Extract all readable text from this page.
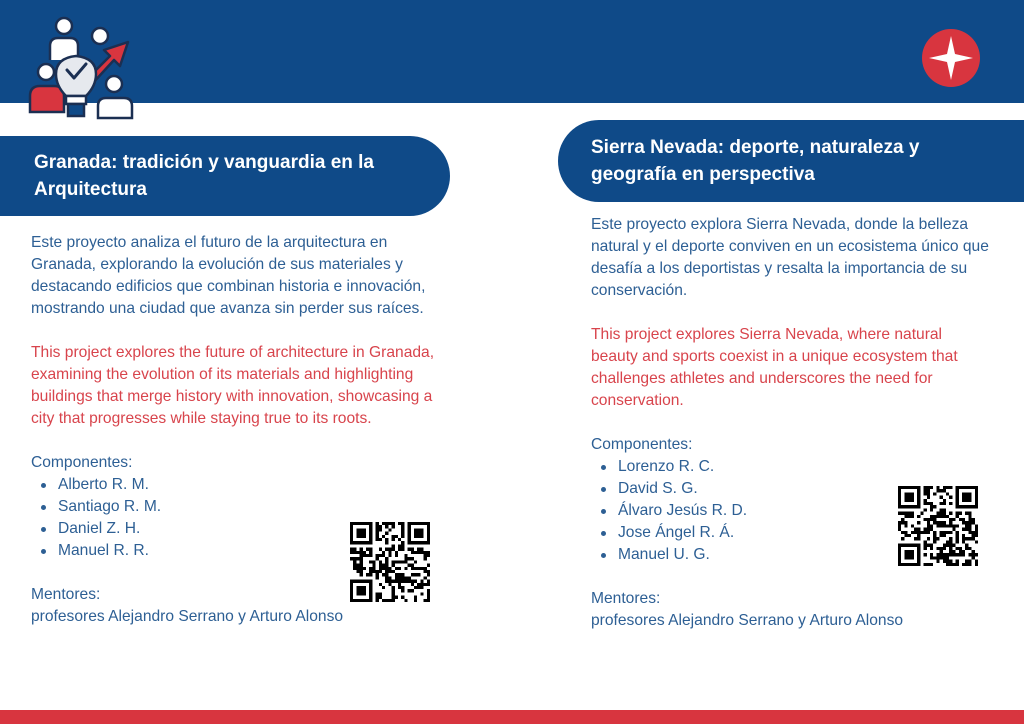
Granada: tradición y vanguardia en la Arquitectura

Este proyecto analiza el futuro de la arquitectura en Granada, explorando la evolución de sus materiales y destacando edificios que combinan historia e innovación, mostrando una ciudad que avanza sin perder sus raíces.

This project explores the future of architecture in Granada, examining the evolution of its materials and highlighting buildings that merge history with innovation, showcasing a city that progresses while staying true to its roots.

Componentes:
Alberto R. M.
Santiago R. M.
Daniel Z. H.
Manuel R. R.
Mentores:
profesores Alejandro Serrano y Arturo Alonso
Sierra Nevada: deporte, naturaleza y geografía en perspectiva

Este proyecto explora Sierra Nevada, donde la belleza natural y el deporte conviven en un ecosistema único que desafía a los deportistas y resalta la importancia de su conservación.

This project explores Sierra Nevada, where natural beauty and sports coexist in a unique ecosystem that challenges athletes and underscores the need for conservation.

Componentes:
Lorenzo R. C.
David S. G.
Álvaro Jesús R. D.
Jose Ángel R. Á.
Manuel U. G.
Mentores:
profesores Alejandro Serrano y Arturo Alonso
